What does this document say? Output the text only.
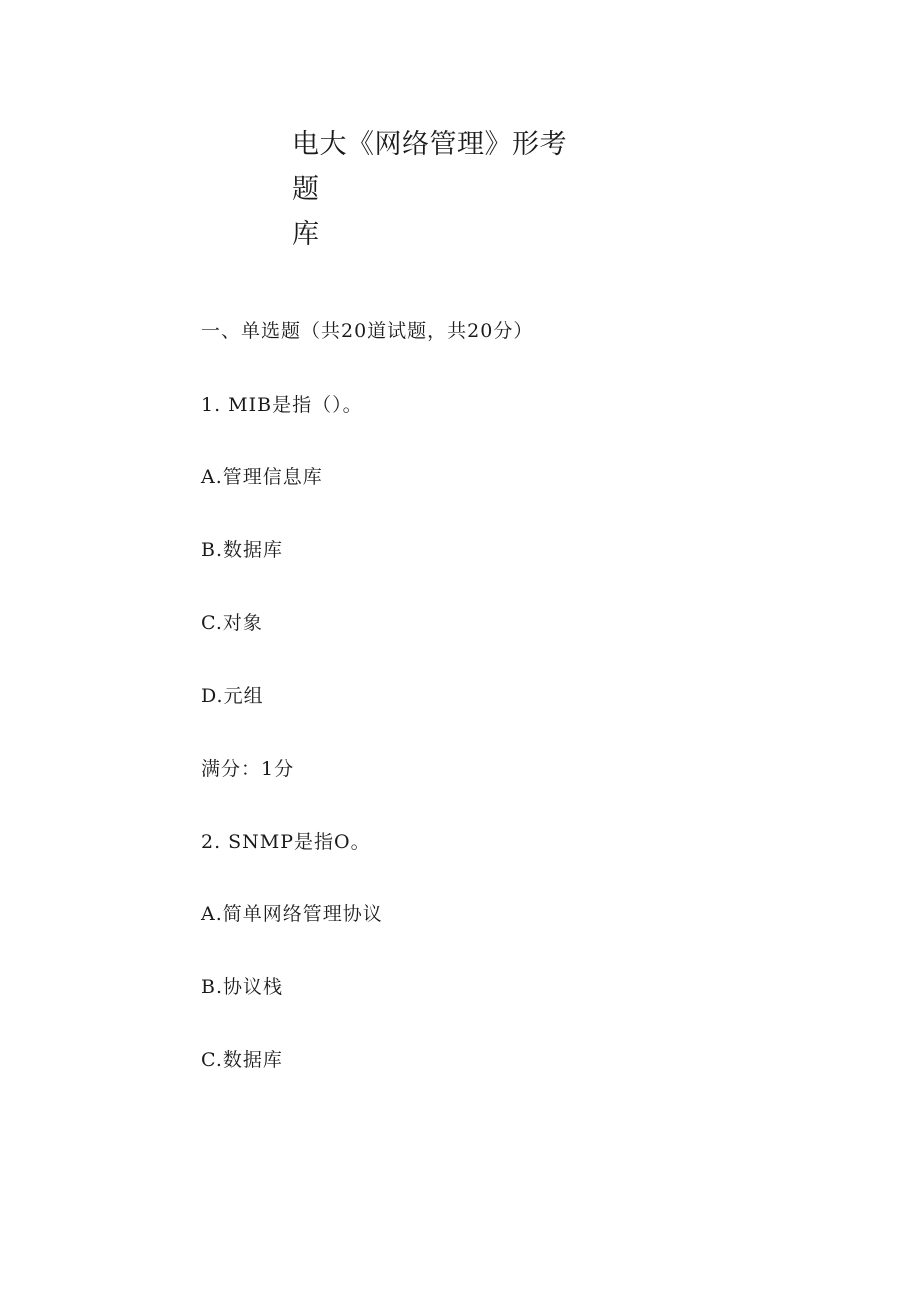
电大《网络管理》形考题
库
一、单选题（共20道试题，共20分）
1. MIB是指（）。
A.管理信息库
B.数据库
C.对象
D.元组
满分：1分
2. SNMP是指O。
A.简单网络管理协议
B.协议栈
C.数据库
